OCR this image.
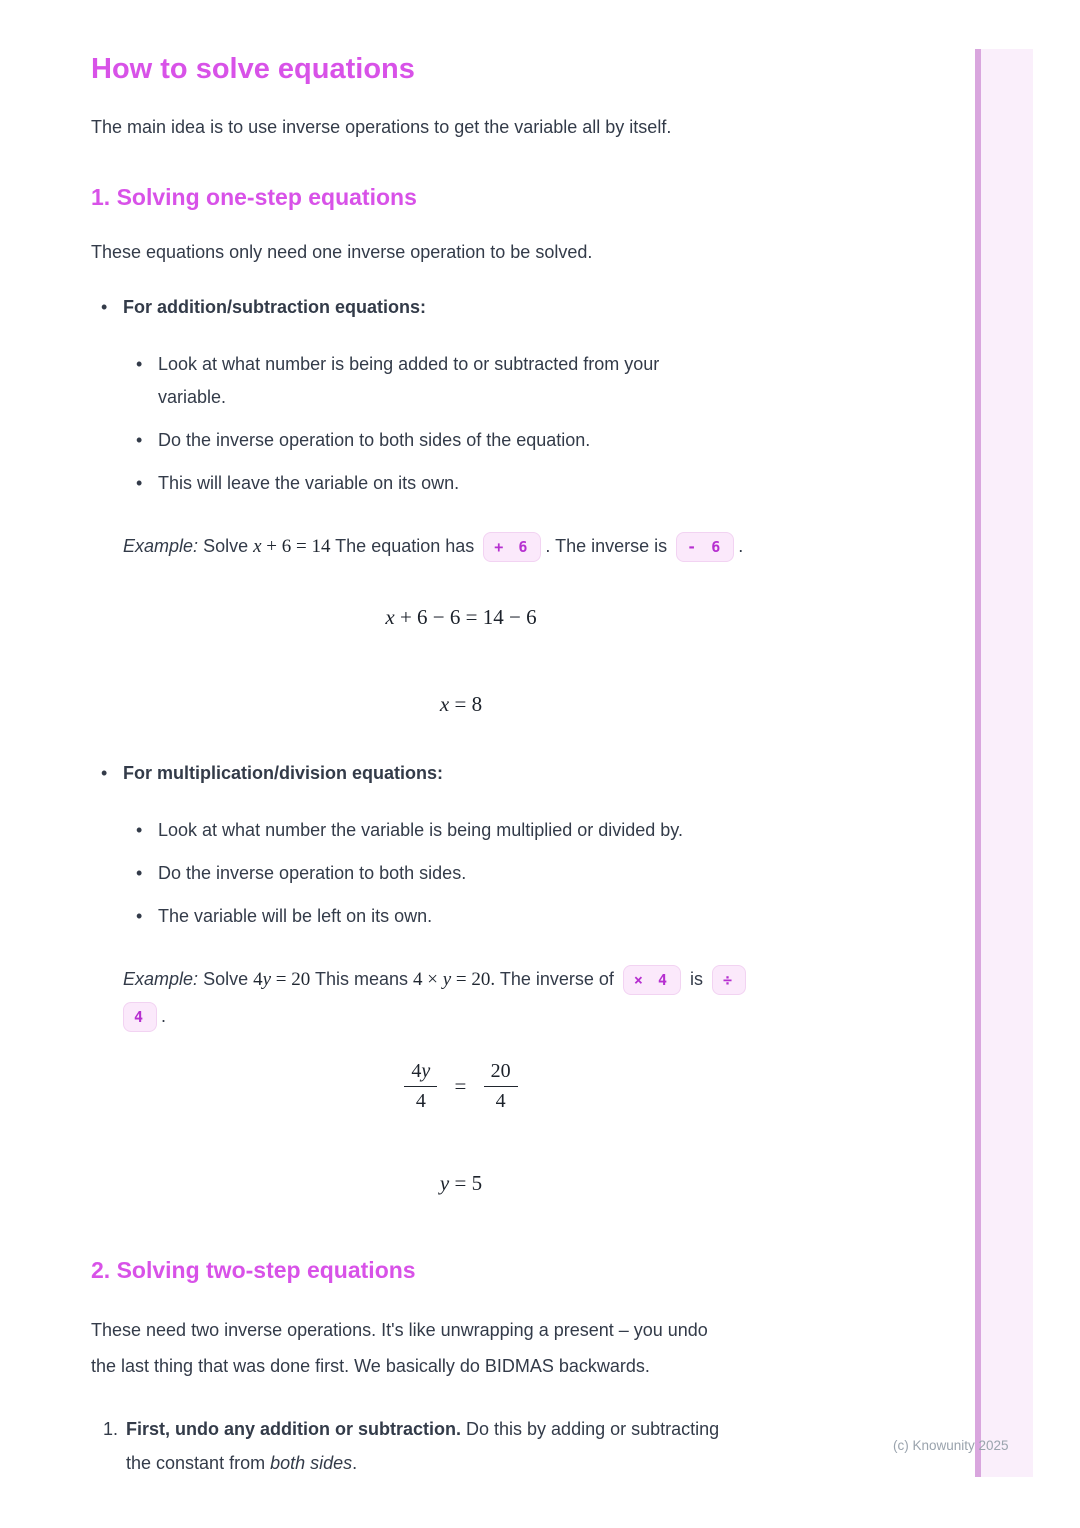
How to solve equations

The main idea is to use inverse operations to get the variable all by itself.

1. Solving one-step equations

These equations only need one inverse operation to be solved.

•
For addition/subtraction equations:
•
Look at what number is being added to or subtracted from your
variable.
•
Do the inverse operation to both sides of the equation.
•
This will leave the variable on its own.
Example: Solve x + 6 = 14 The equation has + 6 . The inverse is - 6 .
x + 6 − 6 = 14 − 6
x = 8
•
For multiplication/division equations:
•
Look at what number the variable is being multiplied or divided by.
•
Do the inverse operation to both sides.
•
The variable will be left on its own.
Example: Solve 4y = 20 This means 4 × y = 20. The inverse of × 4 is ÷
4 .
$\frac{4y}{4} = \frac{20}{4}$
y = 5
2. Solving two-step equations

These need two inverse operations. It's like unwrapping a present – you undo
the last thing that was done first. We basically do BIDMAS backwards.

1. First, undo any addition or subtraction. Do this by adding or subtracting
the constant from both sides.
(c) Knowunity 2025
